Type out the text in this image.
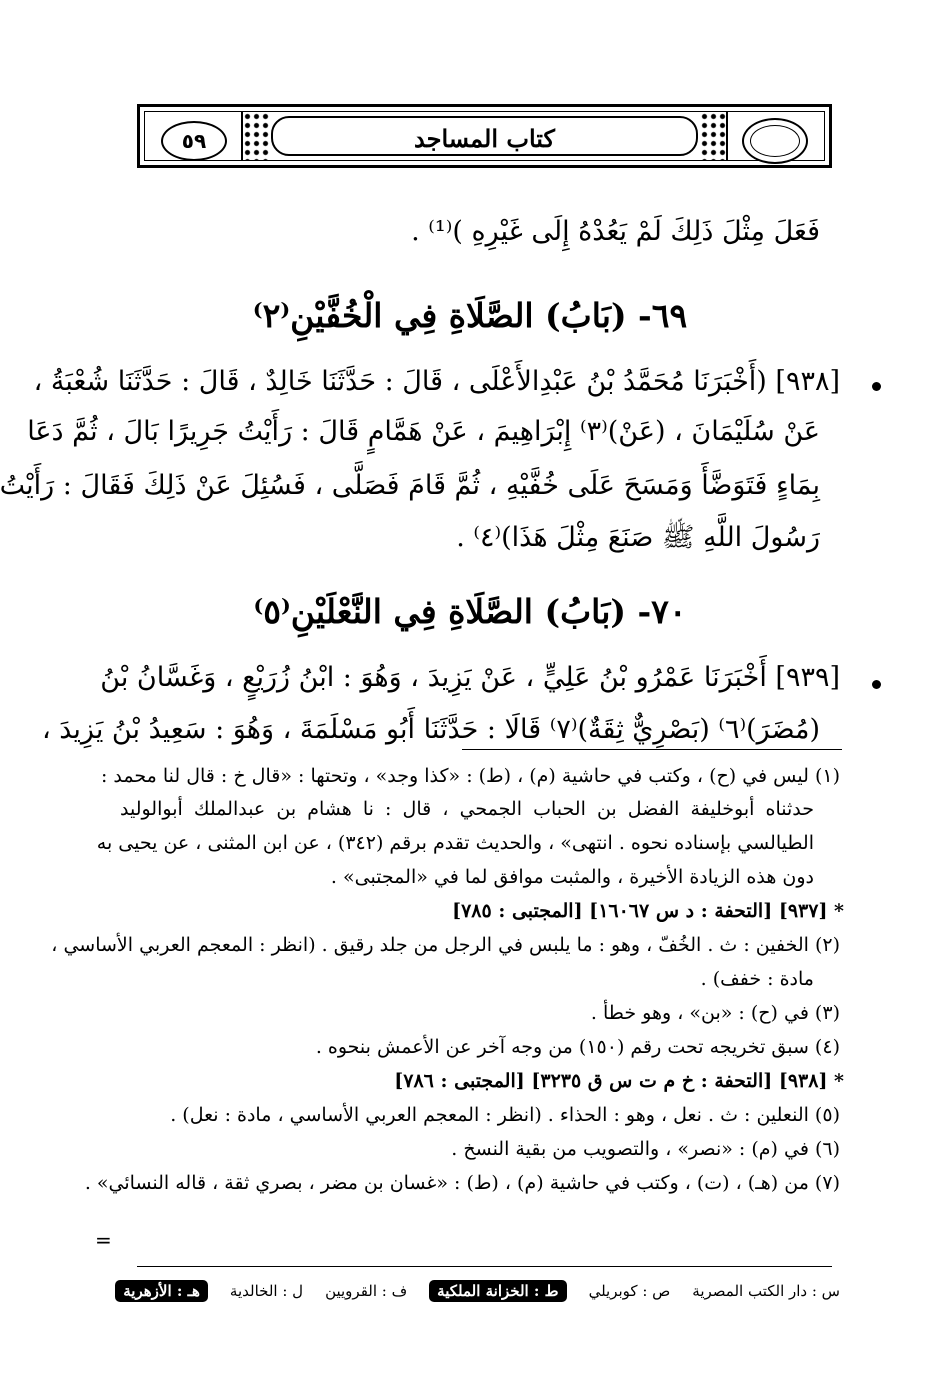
٥٩	كتاب المساجد
فَعَلَ مِثْلَ ذَلِكَ لَمْ يَعُدْهُ إِلَى غَيْرِهِ )⁽¹⁾ .
٦٩- (بَابُ) الصَّلَاةِ فِي الْخُفَّيْنِ⁽٢⁾
[٩٣٨] (أَخْبَرَنَا مُحَمَّدُ بْنُ عَبْدِالأَعْلَى ، قَالَ : حَدَّثَنَا خَالِدٌ ، قَالَ : حَدَّثَنَا شُعْبَةُ ،
عَنْ سُلَيْمَانَ ، (عَنْ)⁽٣⁾ إِبْرَاهِيمَ ، عَنْ هَمَّامٍ قَالَ : رَأَيْتُ جَرِيرًا بَالَ ، ثُمَّ دَعَا
بِمَاءٍ فَتَوَضَّأَ وَمَسَحَ عَلَى خُفَّيْهِ ، ثُمَّ قَامَ فَصَلَّى ، فَسُئِلَ عَنْ ذَلِكَ فَقَالَ : رَأَيْتُ
رَسُولَ اللَّهِ ﷺ صَنَعَ مِثْلَ هَذَا)⁽٤⁾ .
٧٠- (بَابُ) الصَّلَاةِ فِي النَّعْلَيْنِ⁽٥⁾
[٩٣٩] أَخْبَرَنَا عَمْرُو بْنُ عَلِيٍّ ، عَنْ يَزِيدَ ، وَهُوَ : ابْنُ زُرَيْعٍ ، وَغَسَّانُ بْنُ
(مُضَرَ)⁽٦⁾ (بَصْرِيٌّ ثِقَةٌ)⁽٧⁾ قَالَا : حَدَّثَنَا أَبُو مَسْلَمَةَ ، وَهُوَ : سَعِيدُ بْنُ يَزِيدَ ،
(١) ليس في (ح) ، وكتب في حاشية (م) ، (ط) : «كذا وجد» ، وتحتها : «قال خ : قال لنا محمد :
حدثناه أبوخليفة الفضل بن الحباب الجمحي ، قال : نا هشام بن عبدالملك أبوالوليد
الطيالسي بإسناده نحوه . انتهى» ، والحديث تقدم برقم (٣٤٢) ، عن ابن المثنى ، عن يحيى به
دون هذه الزيادة الأخيرة ، والمثبت موافق لما في «المجتبى» .
* [٩٣٧] [التحفة : د س ١٦٠٦٧] [المجتبى : ٧٨٥]
(٢) الخفين : ث . الخُفّ ، وهو : ما يلبس في الرجل من جلد رقيق . (انظر : المعجم العربي الأساسي ،
مادة : خفف) .
(٣) في (ح) : «بن» ، وهو خطأ .
(٤) سبق تخريجه تحت رقم (١٥٠) من وجه آخر عن الأعمش بنحوه .
* [٩٣٨] [التحفة : خ م ت س ق ٣٢٣٥] [المجتبى : ٧٨٦]
(٥) النعلين : ث . نعل ، وهو : الحذاء . (انظر : المعجم العربي الأساسي ، مادة : نعل) .
(٦) في (م) : «نصر» ، والتصويب من بقية النسخ .
(٧) من (هـ) ، (ت) ، وكتب في حاشية (م) ، (ط) : «غسان بن مضر ، بصري ثقة ، قاله النسائي» .
=
س : دار الكتب المصرية
ص : كوبريلي
ط : الخزانة الملكية
ف : القرويين
ل : الخالدية
هـ : الأزهرية
